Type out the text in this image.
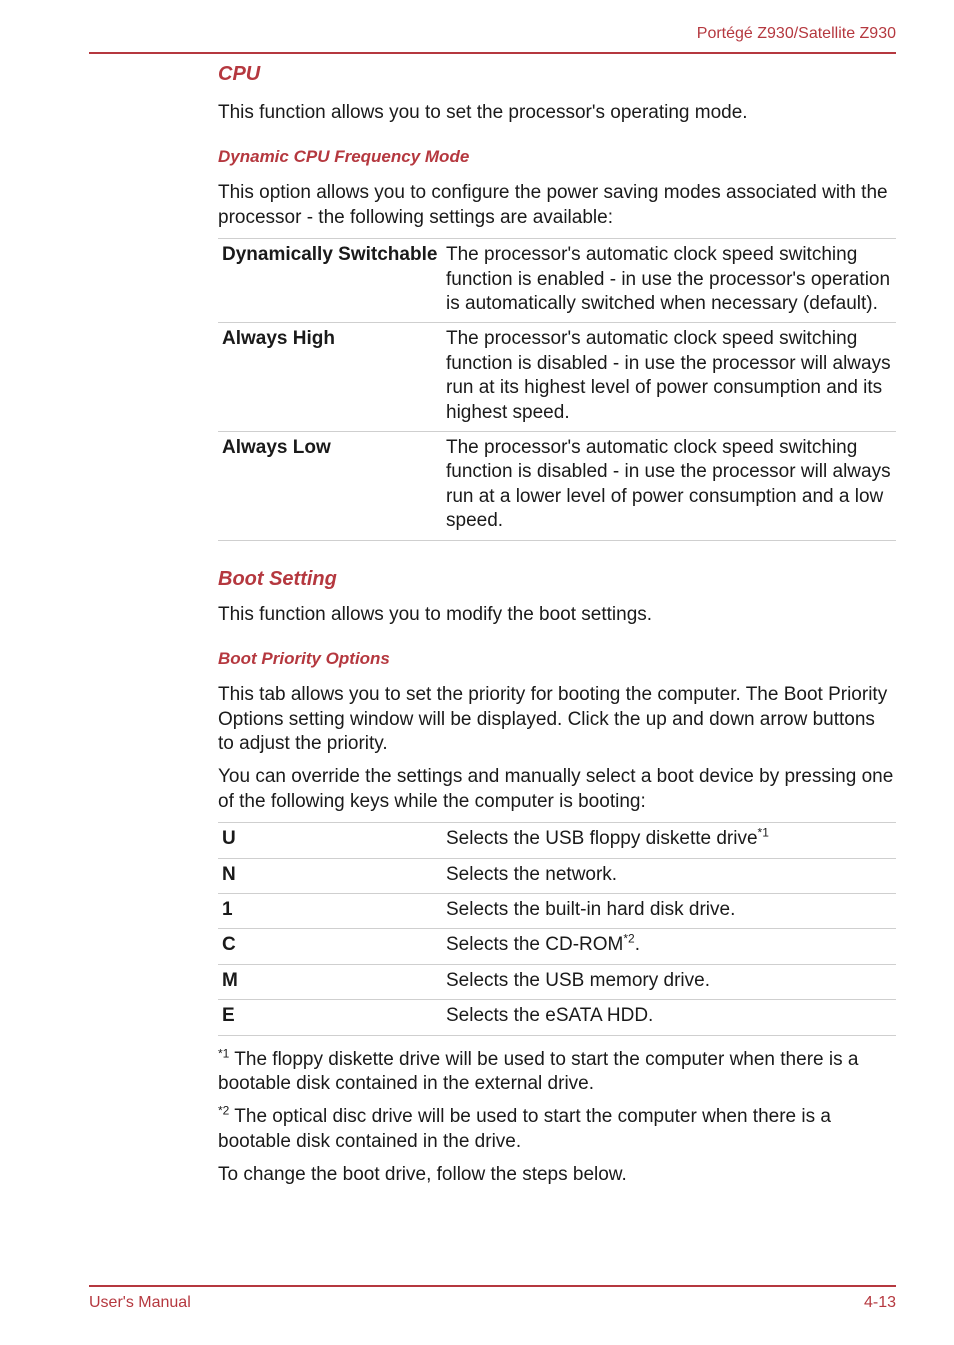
Portégé Z930/Satellite Z930
CPU

This function allows you to set the processor's operating mode.

Dynamic CPU Frequency Mode

This option allows you to configure the power saving modes associated with the processor - the following settings are available:

Dynamically Switchable	The processor's automatic clock speed switching function is enabled - in use the processor's operation is automatically switched when necessary (default).
Always High	The processor's automatic clock speed switching function is disabled - in use the processor will always run at its highest level of power consumption and its highest speed.
Always Low	The processor's automatic clock speed switching function is disabled - in use the processor will always run at a lower level of power consumption and a low speed.
Boot Setting

This function allows you to modify the boot settings.

Boot Priority Options

This tab allows you to set the priority for booting the computer. The Boot Priority Options setting window will be displayed. Click the up and down arrow buttons to adjust the priority.

You can override the settings and manually select a boot device by pressing one of the following keys while the computer is booting:

U	Selects the USB floppy diskette drive$^{*1}$
N	Selects the network.
1	Selects the built-in hard disk drive.
C	Selects the CD-ROM$^{*2}$.
M	Selects the USB memory drive.
E	Selects the eSATA HDD.

$^{*1}$ The floppy diskette drive will be used to start the computer when there is a bootable disk contained in the external drive.

$^{*2}$ The optical disc drive will be used to start the computer when there is a bootable disk contained in the drive.

To change the boot drive, follow the steps below.

User's Manual	4-13
